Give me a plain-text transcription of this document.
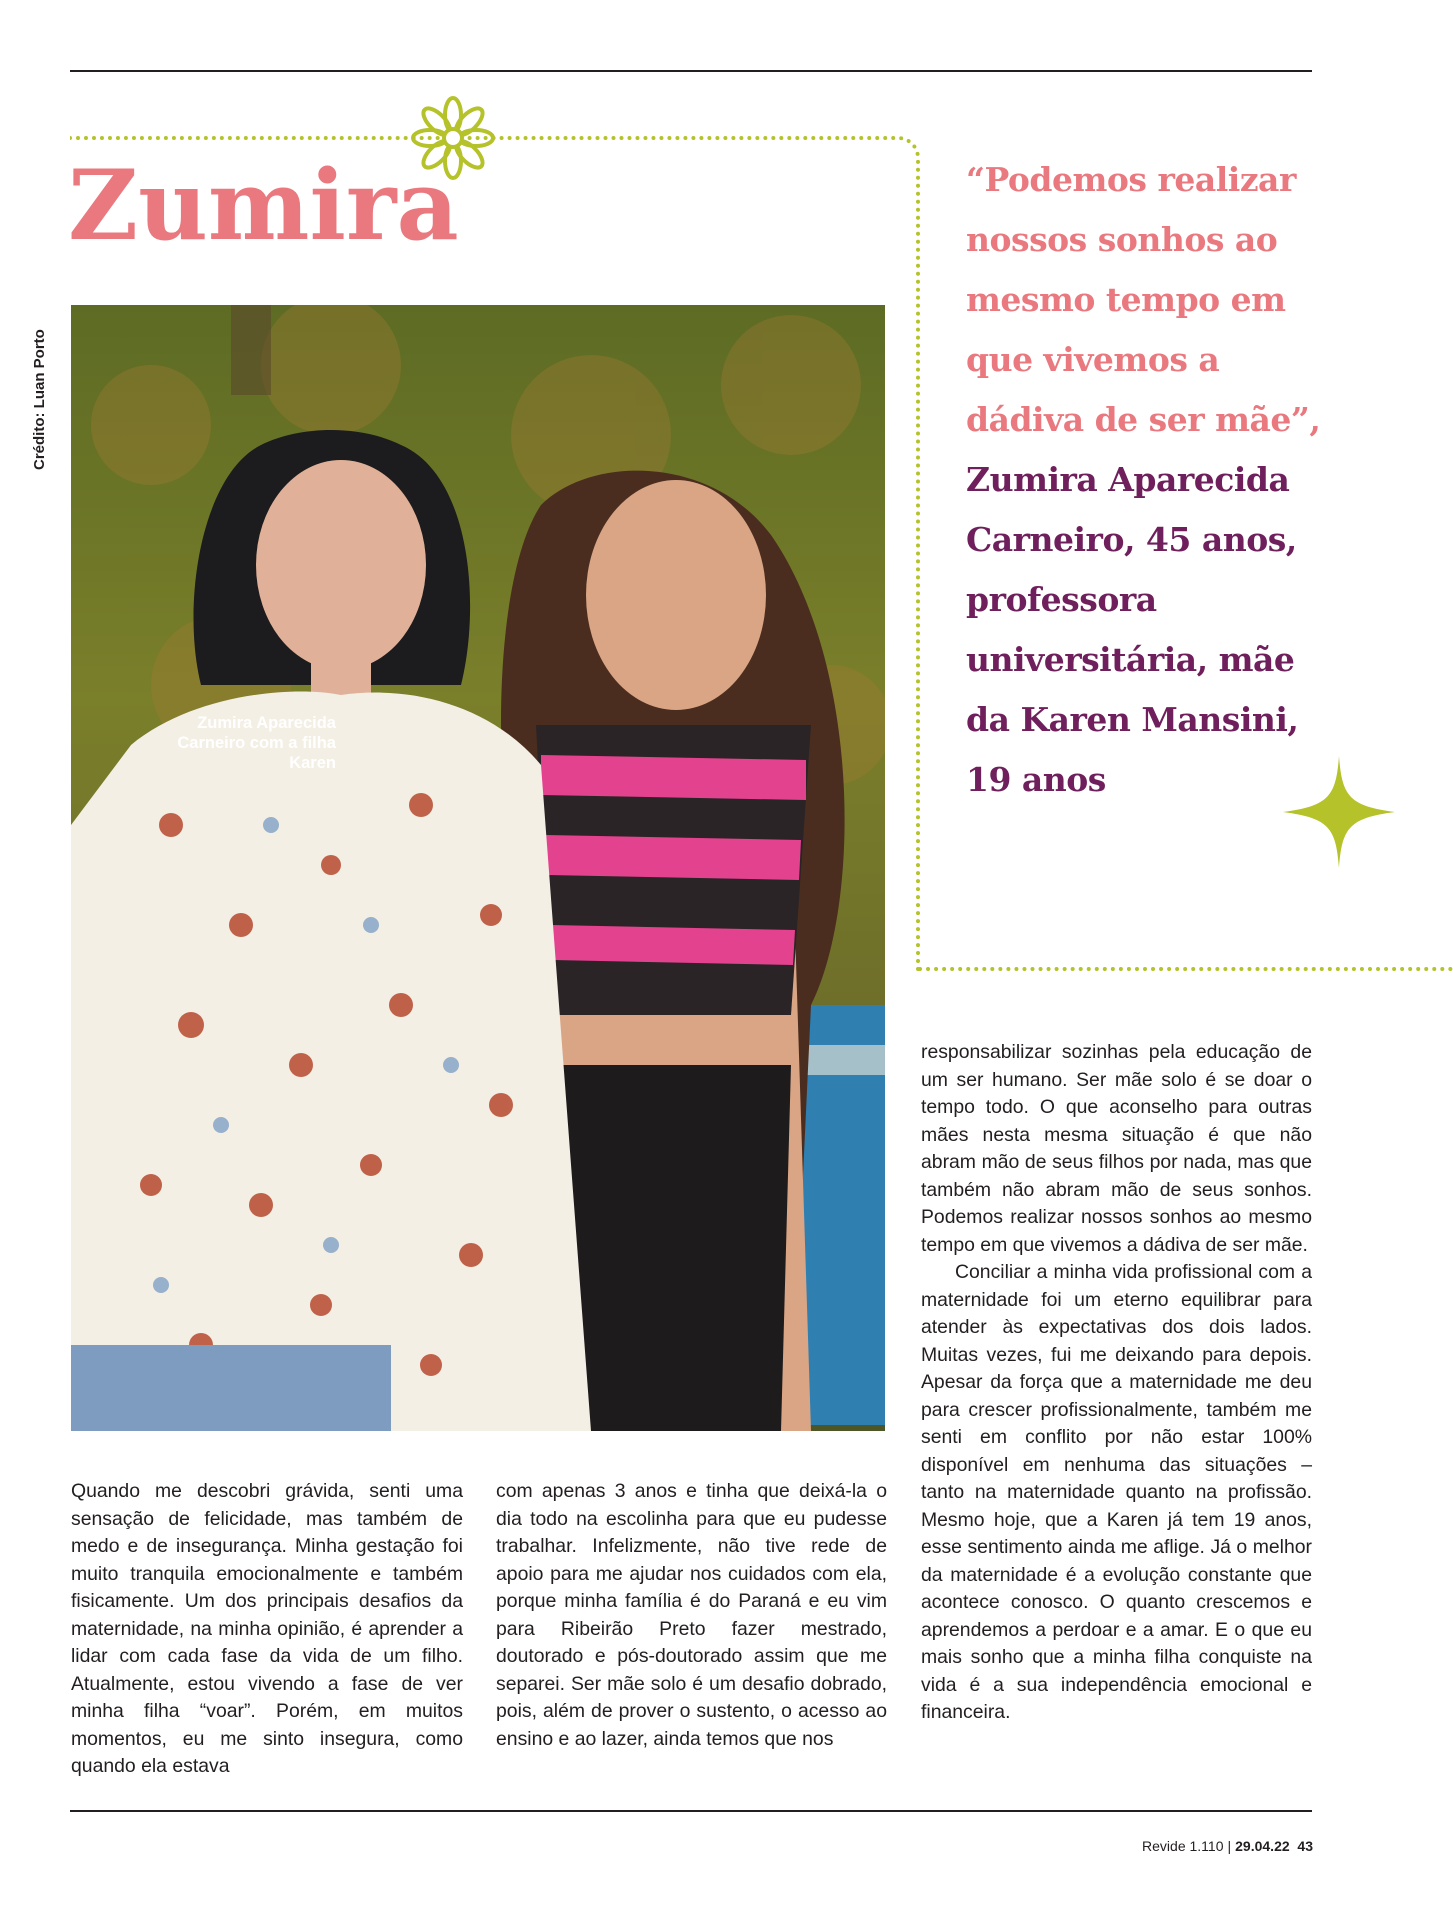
Zumira
Crédito: Luan Porto
Zumira Aparecida Carneiro com a filha Karen
“Podemos realizar nossos sonhos ao mesmo tempo em que vivemos a dádiva de ser mãe”, Zumira Aparecida Carneiro, 45 anos, professora universitária, mãe da Karen Mansini, 19 anos

Quando me descobri grávida, senti uma sensação de felicidade, mas também de medo e de insegurança. Minha gestação foi muito tranquila emocionalmente e também fisicamente. Um dos principais desafios da maternidade, na minha opinião, é aprender a lidar com cada fase da vida de um filho. Atualmente, estou vivendo a fase de ver minha filha “voar”. Porém, em muitos momentos, eu me sinto insegura, como quando ela estava

com apenas 3 anos e tinha que deixá-la o dia todo na escolinha para que eu pudesse trabalhar. Infelizmente, não tive rede de apoio para me ajudar nos cuidados com ela, porque minha família é do Paraná e eu vim para Ribeirão Preto fazer mestrado, doutorado e pós-doutorado assim que me separei. Ser mãe solo é um desafio dobrado, pois, além de prover o sustento, o acesso ao ensino e ao lazer, ainda temos que nos

responsabilizar sozinhas pela educação de um ser humano. Ser mãe solo é se doar o tempo todo. O que aconselho para outras mães nesta mesma situação é que não abram mão de seus filhos por nada, mas que também não abram mão de seus sonhos. Podemos realizar nossos sonhos ao mesmo tempo em que vivemos a dádiva de ser mãe.

Conciliar a minha vida profissional com a maternidade foi um eterno equilibrar para atender às expectativas dos dois lados. Muitas vezes, fui me deixando para depois. Apesar da força que a maternidade me deu para crescer profissionalmente, também me senti em conflito por não estar 100% disponível em nenhuma das situações – tanto na maternidade quanto na profissão. Mesmo hoje, que a Karen já tem 19 anos, esse sentimento ainda me aflige. Já o melhor da maternidade é a evolução constante que acontece conosco. O quanto crescemos e aprendemos a perdoar e a amar. E o que eu mais sonho que a minha filha conquiste na vida é a sua independência emocional e financeira.

Revide 1.110 | 29.04.22 43
